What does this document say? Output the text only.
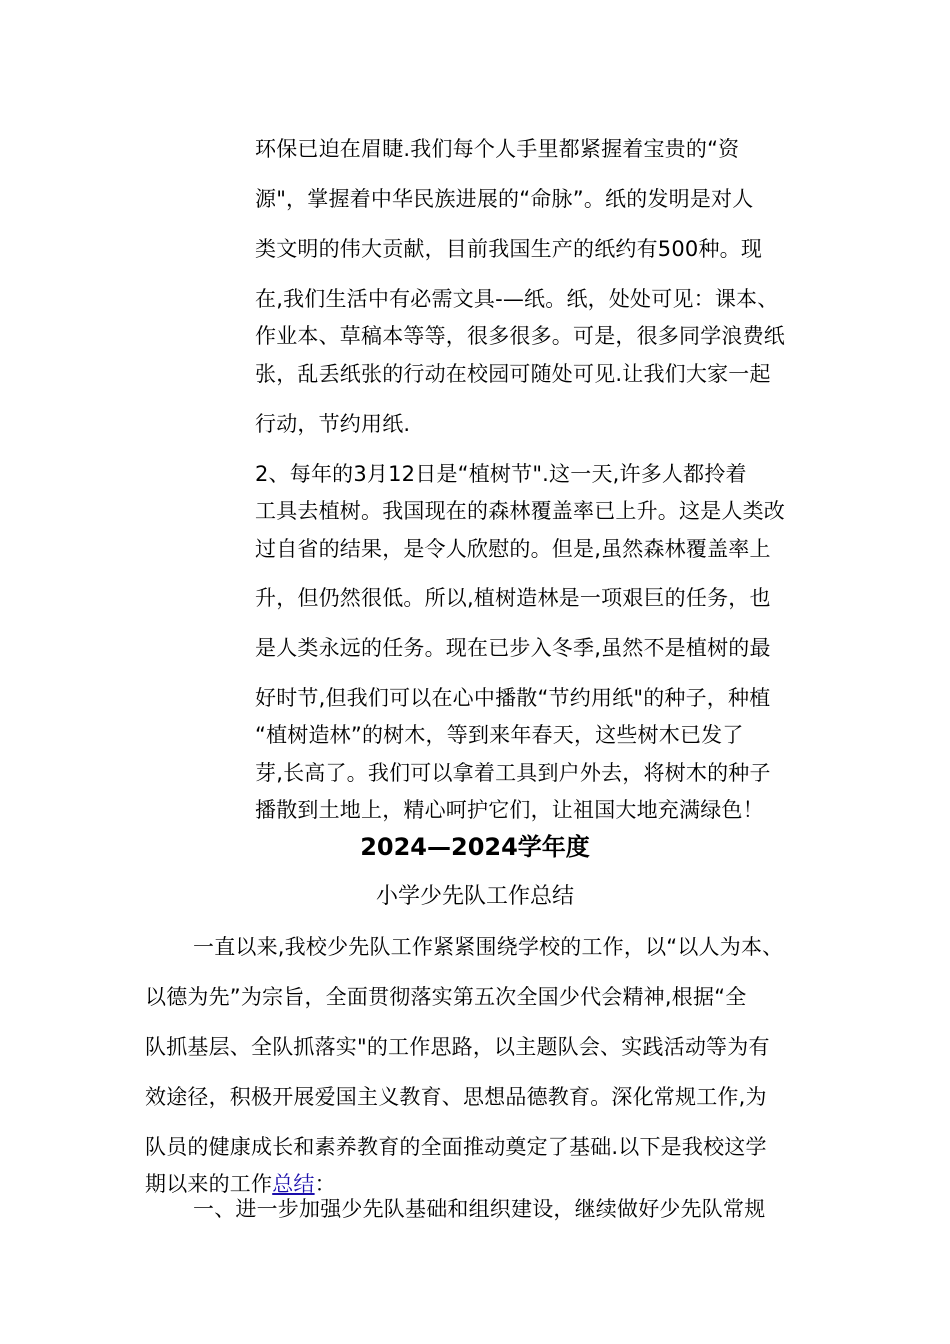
环保已迫在眉睫.我们每个人手里都紧握着宝贵的“资
源"，掌握着中华民族进展的“命脉”。纸的发明是对人
类文明的伟大贡献，目前我国生产的纸约有500种。现
在,我们生活中有必需文具-—纸。纸，处处可见：课本、
作业本、草稿本等等，很多很多。可是，很多同学浪费纸
张，乱丢纸张的行动在校园可随处可见.让我们大家一起
行动，节约用纸.
2、每年的3月12日是“植树节".这一天,许多人都拎着
工具去植树。我国现在的森林覆盖率已上升。这是人类改
过自省的结果，是令人欣慰的。但是,虽然森林覆盖率上
升，但仍然很低。所以,植树造林是一项艰巨的任务，也
是人类永远的任务。现在已步入冬季,虽然不是植树的最
好时节,但我们可以在心中播散“节约用纸"的种子，种植
“植树造林”的树木，等到来年春天，这些树木已发了
芽,长高了。我们可以拿着工具到户外去，将树木的种子
播散到土地上，精心呵护它们，让祖国大地充满绿色！
2024—2024学年度
小学少先队工作总结
一直以来,我校少先队工作紧紧围绕学校的工作，以“以人为本、
以德为先”为宗旨，全面贯彻落实第五次全国少代会精神,根据“全
队抓基层、全队抓落实"的工作思路，以主题队会、实践活动等为有
效途径，积极开展爱国主义教育、思想品德教育。深化常规工作,为
队员的健康成长和素养教育的全面推动奠定了基础.以下是我校这学
期以来的工作总结：
一、进一步加强少先队基础和组织建设，继续做好少先队常规
